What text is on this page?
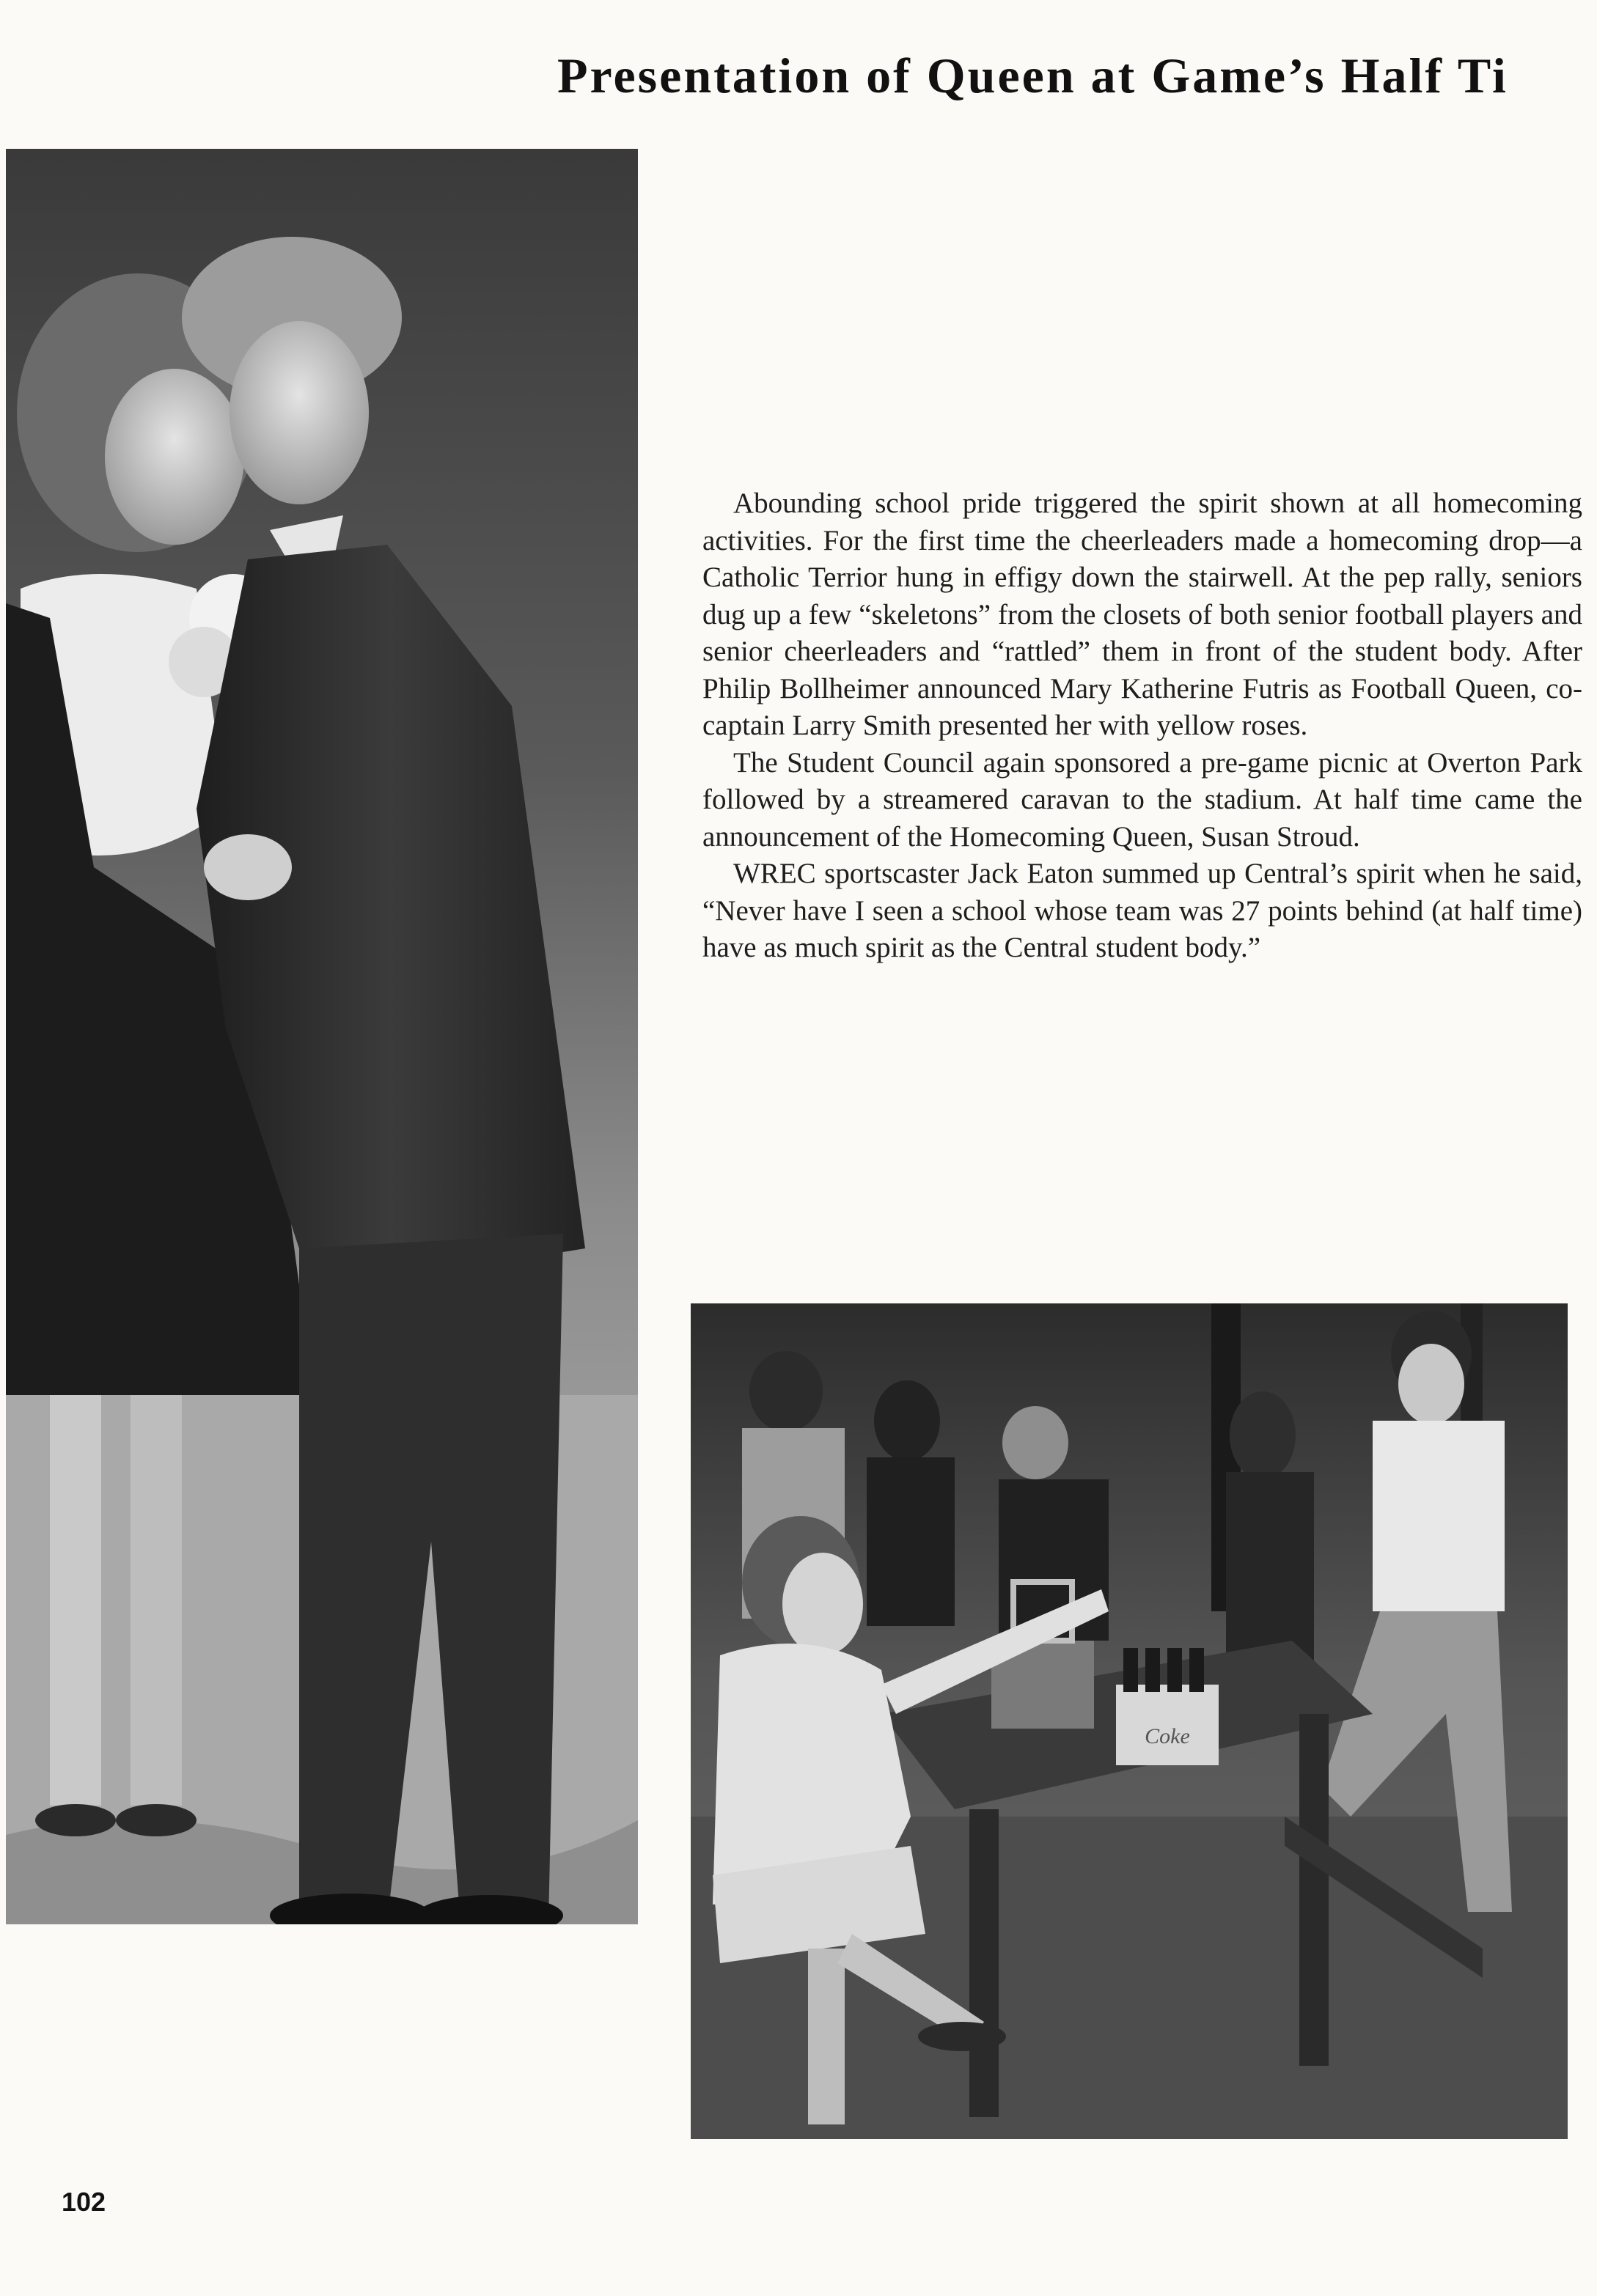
Presentation of Queen at Game’s Half Ti

Abounding school pride triggered the spirit shown at all homecoming activities. For the first time the cheerleaders made a homecoming drop—a Catholic Terrior hung in effigy down the stairwell. At the pep rally, seniors dug up a few “skeletons” from the closets of both senior football players and senior cheerleaders and “rattled” them in front of the student body. After Philip Bollheimer announced Mary Katherine Futris as Football Queen, co-captain Larry Smith presented her with yellow roses.

The Student Council again sponsored a pre-game picnic at Overton Park followed by a streamered caravan to the stadium. At half time came the announcement of the Homecoming Queen, Susan Stroud.

WREC sportscaster Jack Eaton summed up Central’s spirit when he said, “Never have I seen a school whose team was 27 points behind (at half time) have as much spirit as the Central student body.”

Coke
102
